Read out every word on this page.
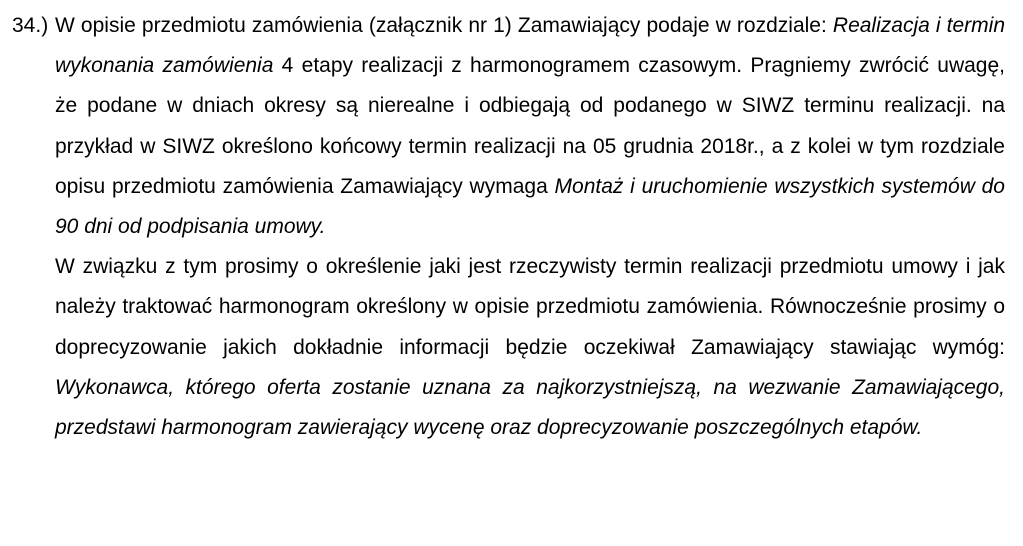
34.) W opisie przedmiotu zamówienia (załącznik nr 1) Zamawiający podaje w rozdziale: Realizacja i termin wykonania zamówienia 4 etapy realizacji z harmonogramem czasowym. Pragniemy zwrócić uwagę, że podane w dniach okresy są nierealne i odbiegają od podanego w SIWZ terminu realizacji. na przykład w SIWZ określono końcowy termin realizacji na 05 grudnia 2018r., a z kolei w tym rozdziale opisu przedmiotu zamówienia Zamawiający wymaga Montaż i uruchomienie wszystkich systemów do 90 dni od podpisania umowy.

W związku z tym prosimy o określenie jaki jest rzeczywisty termin realizacji przedmiotu umowy i jak należy traktować harmonogram określony w opisie przedmiotu zamówienia. Równocześnie prosimy o doprecyzowanie jakich dokładnie informacji będzie oczekiwał Zamawiający stawiając wymóg: Wykonawca, którego oferta zostanie uznana za najkorzystniejszą, na wezwanie Zamawiającego, przedstawi harmonogram zawierający wycenę oraz doprecyzowanie poszczególnych etapów.
